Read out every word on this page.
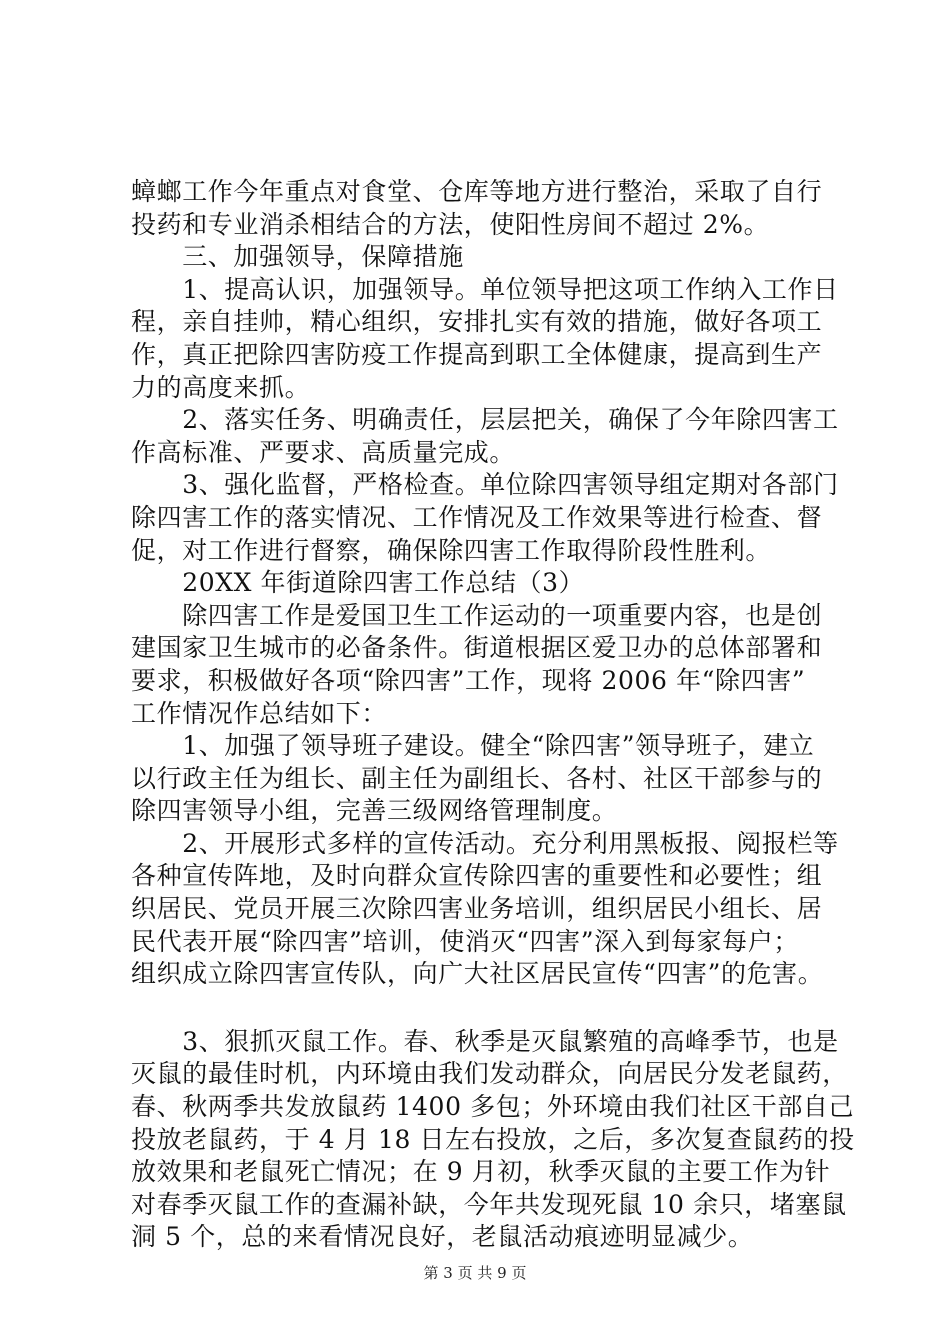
蟑螂工作今年重点对食堂、仓库等地方进行整治，采取了自行
投药和专业消杀相结合的方法，使阳性房间不超过 2%。
　　三、加强领导，保障措施
　　1、提高认识，加强领导。单位领导把这项工作纳入工作日
程，亲自挂帅，精心组织，安排扎实有效的措施，做好各项工
作，真正把除四害防疫工作提高到职工全体健康，提高到生产
力的高度来抓。
　　2、落实任务、明确责任，层层把关，确保了今年除四害工
作高标准、严要求、高质量完成。
　　3、强化监督，严格检查。单位除四害领导组定期对各部门
除四害工作的落实情况、工作情况及工作效果等进行检查、督
促，对工作进行督察，确保除四害工作取得阶段性胜利。
　　20XX 年街道除四害工作总结（3）
　　除四害工作是爱国卫生工作运动的一项重要内容，也是创
建国家卫生城市的必备条件。街道根据区爱卫办的总体部署和
要求，积极做好各项“除四害”工作，现将 2006 年“除四害”
工作情况作总结如下：
　　1、加强了领导班子建设。健全“除四害”领导班子，建立
以行政主任为组长、副主任为副组长、各村、社区干部参与的
除四害领导小组，完善三级网络管理制度。
　　2、开展形式多样的宣传活动。充分利用黑板报、阅报栏等
各种宣传阵地，及时向群众宣传除四害的重要性和必要性；组
织居民、党员开展三次除四害业务培训，组织居民小组长、居
民代表开展“除四害”培训，使消灭“四害”深入到每家每户；
组织成立除四害宣传队，向广大社区居民宣传“四害”的危害。
　　3、狠抓灭鼠工作。春、秋季是灭鼠繁殖的高峰季节，也是
灭鼠的最佳时机，内环境由我们发动群众，向居民分发老鼠药，
春、秋两季共发放鼠药 1400 多包；外环境由我们社区干部自己
投放老鼠药，于 4 月 18 日左右投放，之后，多次复查鼠药的投
放效果和老鼠死亡情况；在 9 月初，秋季灭鼠的主要工作为针
对春季灭鼠工作的查漏补缺，今年共发现死鼠 10 余只，堵塞鼠
洞 5 个，总的来看情况良好，老鼠活动痕迹明显减少。
第 3 页 共 9 页
